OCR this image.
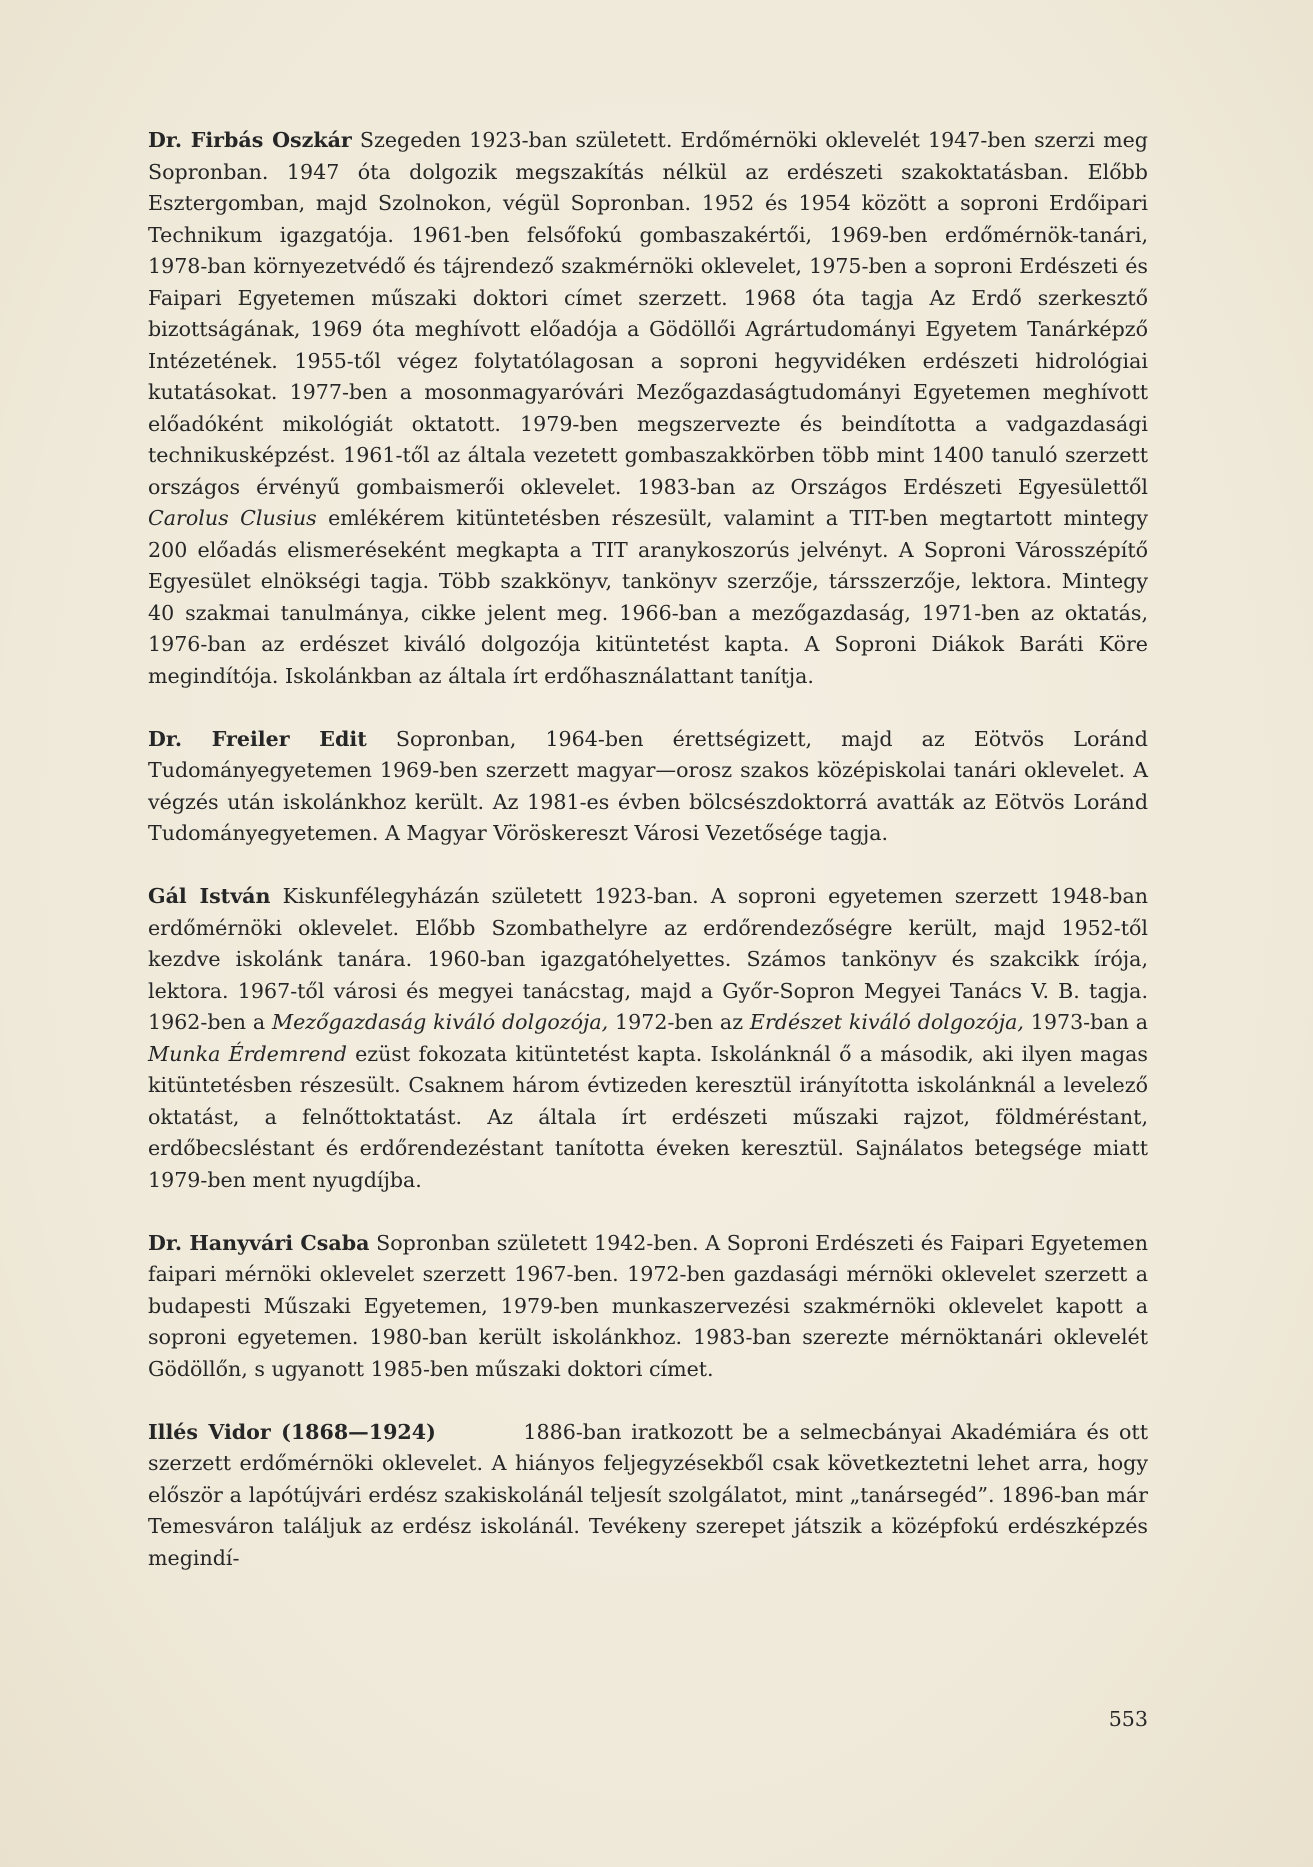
Dr. Firbás Oszkár Szegeden 1923-ban született. Erdőmérnöki oklevelét 1947-ben szerzi meg Sopronban. 1947 óta dolgozik megszakítás nélkül az erdészeti szakoktatásban. Előbb Esztergomban, majd Szolnokon, végül Sopronban. 1952 és 1954 között a soproni Erdőipari Technikum igazgatója. 1961-ben felsőfokú gombaszakértői, 1969-ben erdőmérnök-tanári, 1978-ban környezetvédő és tájrendező szakmérnöki oklevelet, 1975-ben a soproni Erdészeti és Faipari Egyetemen műszaki doktori címet szerzett. 1968 óta tagja Az Erdő szerkesztő bizottságának, 1969 óta meghívott előadója a Gödöllői Agrártudományi Egyetem Tanárképző Intézetének. 1955-től végez folytatólagosan a soproni hegyvidéken erdészeti hidrológiai kutatásokat. 1977-ben a mosonmagyaróvári Mezőgazdaságtudományi Egyetemen meghívott előadóként mikológiát oktatott. 1979-ben megszervezte és beindította a vadgazdasági technikusképzést. 1961-től az általa vezetett gombaszakkörben több mint 1400 tanuló szerzett országos érvényű gombaismerői oklevelet. 1983-ban az Országos Erdészeti Egyesülettől Carolus Clusius emlékérem kitüntetésben részesült, valamint a TIT-ben megtartott mintegy 200 előadás elismeréseként megkapta a TIT aranykoszorús jelvényt. A Soproni Városszépítő Egyesület elnökségi tagja. Több szakkönyv, tankönyv szerzője, társszerzője, lektora. Mintegy 40 szakmai tanulmánya, cikke jelent meg. 1966-ban a mezőgazdaság, 1971-ben az oktatás, 1976-ban az erdészet kiváló dolgozója kitüntetést kapta. A Soproni Diákok Baráti Köre megindítója. Iskolánkban az általa írt erdőhasználattant tanítja.

Dr. Freiler Edit Sopronban, 1964-ben érettségizett, majd az Eötvös Loránd Tudományegyetemen 1969-ben szerzett magyar—orosz szakos középiskolai tanári oklevelet. A végzés után iskolánkhoz került. Az 1981-es évben bölcsészdoktorrá avatták az Eötvös Loránd Tudományegyetemen. A Magyar Vöröskereszt Városi Vezetősége tagja.

Gál István Kiskunfélegyházán született 1923-ban. A soproni egyetemen szerzett 1948-ban erdőmérnöki oklevelet. Előbb Szombathelyre az erdőrendezőségre került, majd 1952-től kezdve iskolánk tanára. 1960-ban igazgatóhelyettes. Számos tankönyv és szakcikk írója, lektora. 1967-től városi és megyei tanácstag, majd a Győr-Sopron Megyei Tanács V. B. tagja. 1962-ben a Mezőgazdaság kiváló dolgozója, 1972-ben az Erdészet kiváló dolgozója, 1973-ban a Munka Érdemrend ezüst fokozata kitüntetést kapta. Iskolánknál ő a második, aki ilyen magas kitüntetésben részesült. Csaknem három évtizeden keresztül irányította iskolánknál a levelező oktatást, a felnőttoktatást. Az általa írt erdészeti műszaki rajzot, földméréstant, erdőbecsléstant és erdőrendezéstant tanította éveken keresztül. Sajnálatos betegsége miatt 1979-ben ment nyugdíjba.

Dr. Hanyvári Csaba Sopronban született 1942-ben. A Soproni Erdészeti és Faipari Egyetemen faipari mérnöki oklevelet szerzett 1967-ben. 1972-ben gazdasági mérnöki oklevelet szerzett a budapesti Műszaki Egyetemen, 1979-ben munkaszervezési szakmérnöki oklevelet kapott a soproni egyetemen. 1980-ban került iskolánkhoz. 1983-ban szerezte mérnöktanári oklevelét Gödöllőn, s ugyanott 1985-ben műszaki doktori címet.

Illés Vidor (1868—1924)         1886-ban iratkozott be a selmecbányai Akadémiára és ott szerzett erdőmérnöki oklevelet. A hiányos feljegyzésekből csak következtetni lehet arra, hogy először a lapótújvári erdész szakiskolánál teljesít szolgálatot, mint „tanársegéd”. 1896-ban már Temesváron találjuk az erdész iskolánál. Tevékeny szerepet játszik a középfokú erdészképzés megindí-

553
